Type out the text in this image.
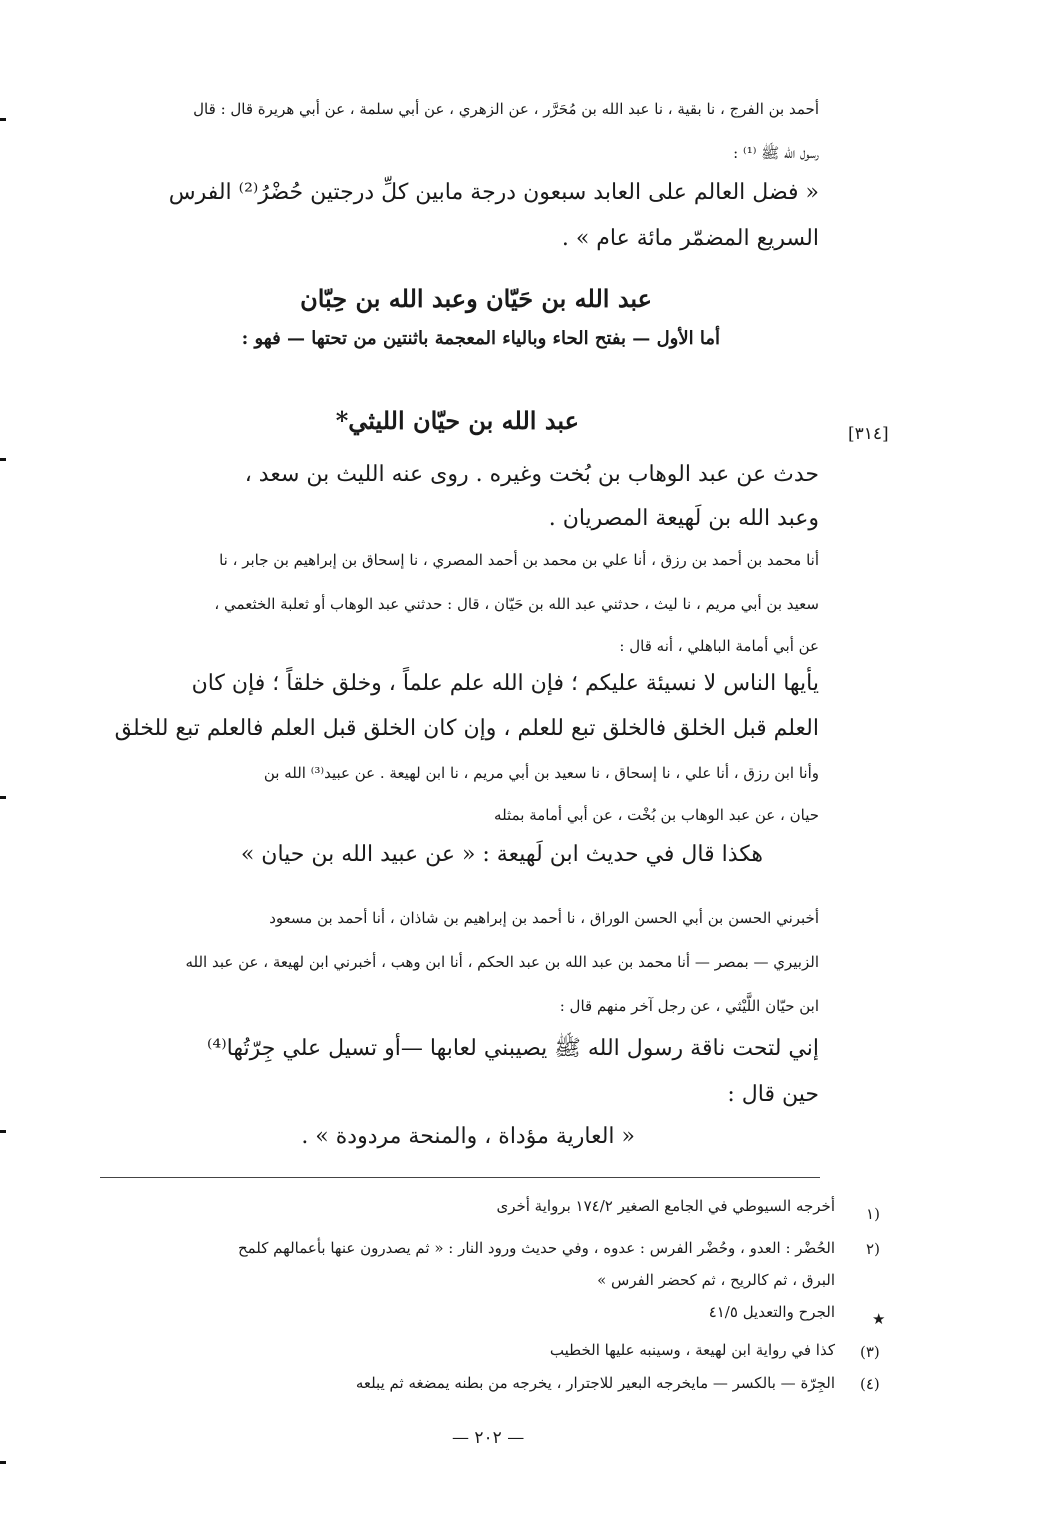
أحمد بن الفرج ، نا بقية ، نا عبد الله بن مُحَرَّر ، عن الزهري ، عن أبي سلمة ، عن أبي هريرة قال : قال
رسول الله ﷺ ⁽¹⁾ :
« فضل العالم على العابد سبعون درجة مابين كلِّ درجتين حُضْرُ⁽²⁾ الفرس
السريع المضمّر مائة عام » .
عبد الله بن حَيّان وعبد الله بن حِبّان
أما الأول — بفتح الحاء وبالياء المعجمة باثنتين من تحتها — فهو :
عبد الله بن حيّان الليثي*	[٣١٤]
حدث عن عبد الوهاب بن بُخت وغيره . روى عنه الليث بن سعد ،
وعبد الله بن لَهيعة المصريان .
أنا محمد بن أحمد بن رزق ، أنا علي بن محمد بن أحمد المصري ، نا إسحاق بن إبراهيم بن جابر ، نا
سعيد بن أبي مريم ، نا ليث ، حدثني عبد الله بن حَيّان ، قال : حدثني عبد الوهاب أو ثعلبة الخثعمي ،
عن أبي أمامة الباهلي ، أنه قال :
يأيها الناس لا نسيئة عليكم ؛ فإن الله علم علماً ، وخلق خلقاً ؛ فإن كان
العلم قبل الخلق فالخلق تبع للعلم ، وإن كان الخلق قبل العلم فالعلم تبع للخلق
وأنا ابن رزق ، أنا علي ، نا إسحاق ، نا سعيد بن أبي مريم ، نا ابن لهيعة . عن عبيد⁽³⁾ الله بن
حيان ، عن عبد الوهاب بن بُخْت ، عن أبي أمامة بمثله
هكذا قال في حديث ابن لَهيعة : « عن عبيد الله بن حيان »
أخبرني الحسن بن أبي الحسن الوراق ، نا أحمد بن إبراهيم بن شاذان ، أنا أحمد بن مسعود
الزبيري — بمصر — أنا محمد بن عبد الله بن عبد الحكم ، أنا ابن وهب ، أخبرني ابن لهيعة ، عن عبد الله
ابن حيّان اللَّيْثي ، عن رجل آخر منهم قال :
إني لتحت ناقة رسول الله ﷺ يصيبني لعابها —أو تسيل علي جِرّتُها⁽⁴⁾
حين قال :
« العارية مؤداة ، والمنحة مردودة » .
١)
أخرجه السيوطي في الجامع الصغير ١٧٤/٢ برواية أخرى
٢)
الحُضْر : العدو ، وحُضْر الفرس : عدوه ، وفي حديث ورود النار : « ثم يصدرون عنها بأعمالهم كلمح
البرق ، ثم كالريح ، ثم كحضر الفرس »
★
الجرح والتعديل ٤١/٥
(٣)
كذا في رواية ابن لهيعة ، وسينبه عليها الخطيب
(٤)
الجِرّة — بالكسر — مايخرجه البعير للاجترار ، يخرجه من بطنه يمضغه ثم يبلعه
— ٢٠٢ —
